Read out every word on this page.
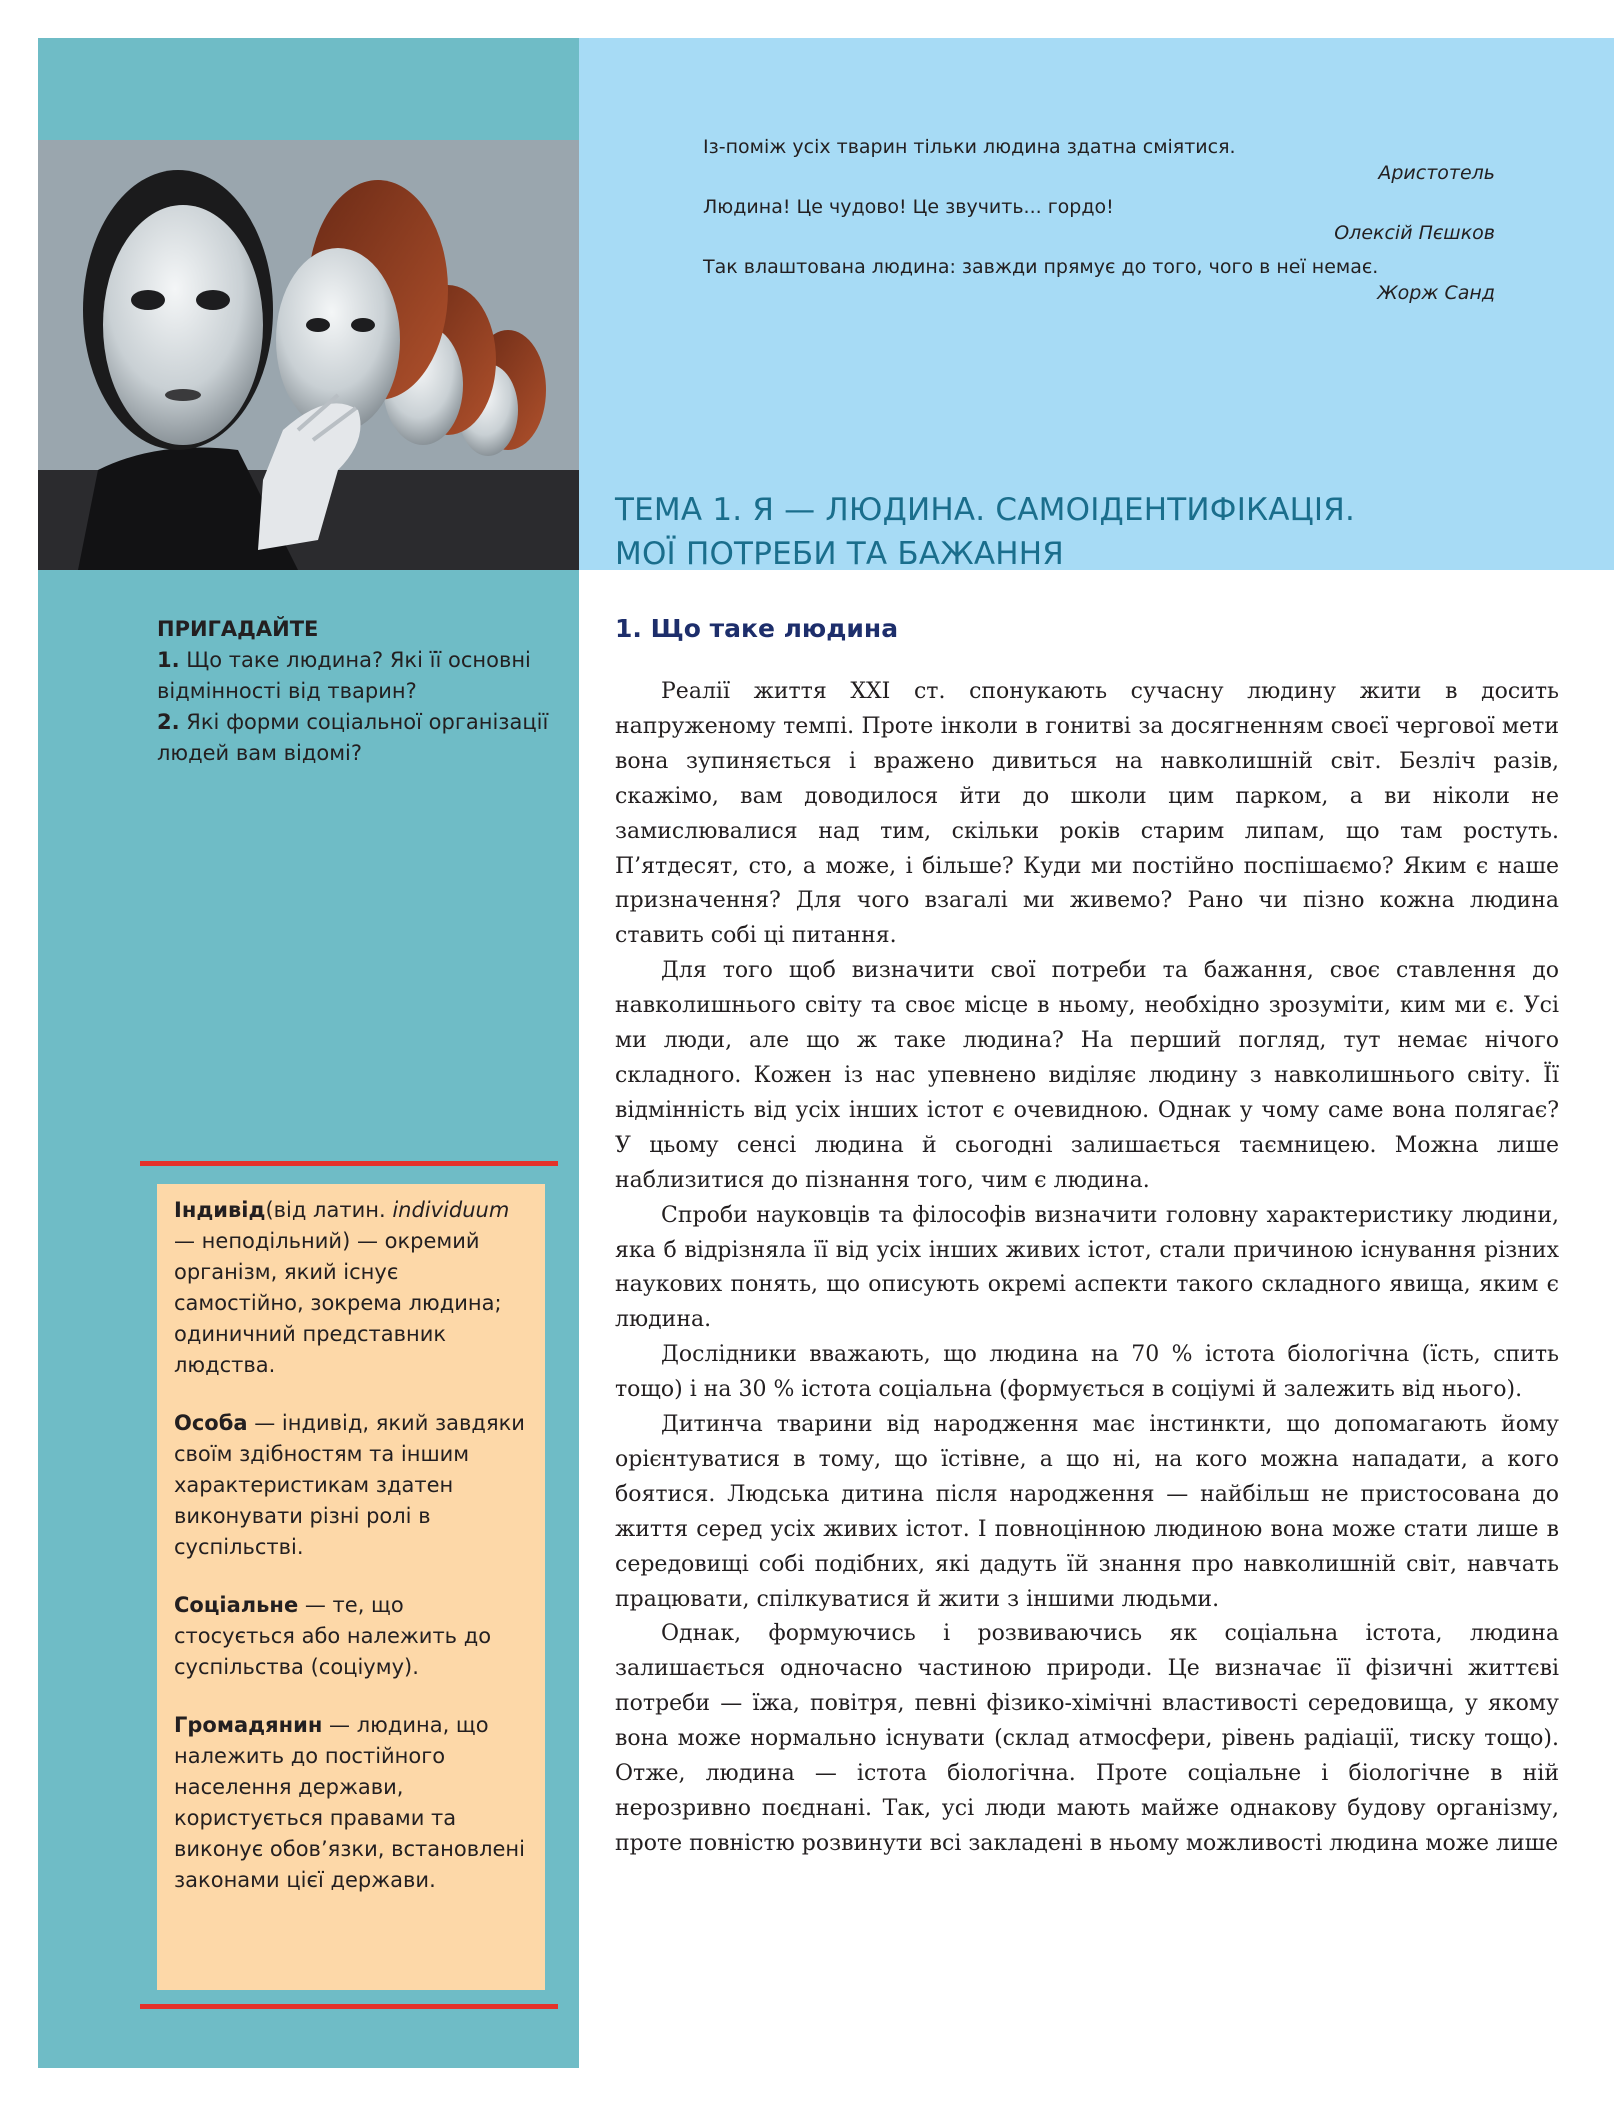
Із-поміж усіх тварин тільки людина здатна сміятися.
Аристотель
Людина! Це чудово! Це звучить... гордо!
Олексій Пєшков
Так влаштована людина: завжди прямує до того, чого в неї немає.
Жорж Санд
ТЕМА 1. Я — ЛЮДИНА. САМОІДЕНТИФІКАЦІЯ.
МОЇ ПОТРЕБИ ТА БАЖАННЯ
ПРИГАДАЙТЕ
1. Що таке людина? Які її основні відмінності від тварин?
2. Які форми соціальної організації людей вам відомі?
Індивід(від латин. individuum — неподільний) — окремий організм, який існує самостійно, зокрема людина; одиничний представник людства.
Особа — індивід, який завдяки своїм здібностям та іншим характеристикам здатен виконувати різні ролі в суспільстві.
Соціальне — те, що стосується або належить до суспільства (соціуму).
Громадянин — людина, що належить до постійного населення держави, користується правами та виконує обов’язки, встановлені законами цієї держави.
1. Що таке людина

Реалії життя XXI ст. спонукають сучасну людину жити в досить напруженому темпі. Проте інколи в гонитві за досягненням своєї чергової мети вона зупиняється і вражено дивиться на навколишній світ. Безліч разів, скажімо, вам доводилося йти до школи цим парком, а ви ніколи не замислювалися над тим, скільки років старим липам, що там ростуть. П’ятдесят, сто, а може, і більше? Куди ми постійно поспішаємо? Яким є наше призначення? Для чого взагалі ми живемо? Рано чи пізно кожна людина ставить собі ці питання.

Для того щоб визначити свої потреби та бажання, своє ставлення до навколишнього світу та своє місце в ньому, необхідно зрозуміти, ким ми є. Усі ми люди, але що ж таке людина? На перший погляд, тут немає нічого складного. Кожен із нас упевнено виділяє людину з навколишнього світу. Її відмінність від усіх інших істот є очевидною. Однак у чому саме вона полягає? У цьому сенсі людина й сьогодні залишається таємницею. Можна лише наблизитися до пізнання того, чим є людина.

Спроби науковців та філософів визначити головну характеристику людини, яка б відрізняла її від усіх інших живих істот, стали причиною існування різних наукових понять, що описують окремі аспекти такого складного явища, яким є людина.

Дослідники вважають, що людина на 70 % істота біологічна (їсть, спить тощо) і на 30 % істота соціальна (формується в соціумі й залежить від нього).

Дитинча тварини від народження має інстинкти, що допомагають йому орієнтуватися в тому, що їстівне, а що ні, на кого можна нападати, а кого боятися. Людська дитина після народження — найбільш не пристосована до життя серед усіх живих істот. І повноцінною людиною вона може стати лише в середовищі собі подібних, які дадуть їй знання про навколишній світ, навчать працювати, спілкуватися й жити з іншими людьми.

Однак, формуючись і розвиваючись як соціальна істота, людина залишається одночасно частиною природи. Це визначає її фізичні життєві потреби — їжа, повітря, певні фізико-хімічні властивості середовища, у якому вона може нормально існувати (склад атмосфери, рівень радіації, тиску тощо). Отже, людина — істота біологічна. Проте соціальне і біологічне в ній нерозривно поєднані. Так, усі люди мають майже однакову будову організму, проте повністю розвинути всі закладені в ньому можливості людина може лише
